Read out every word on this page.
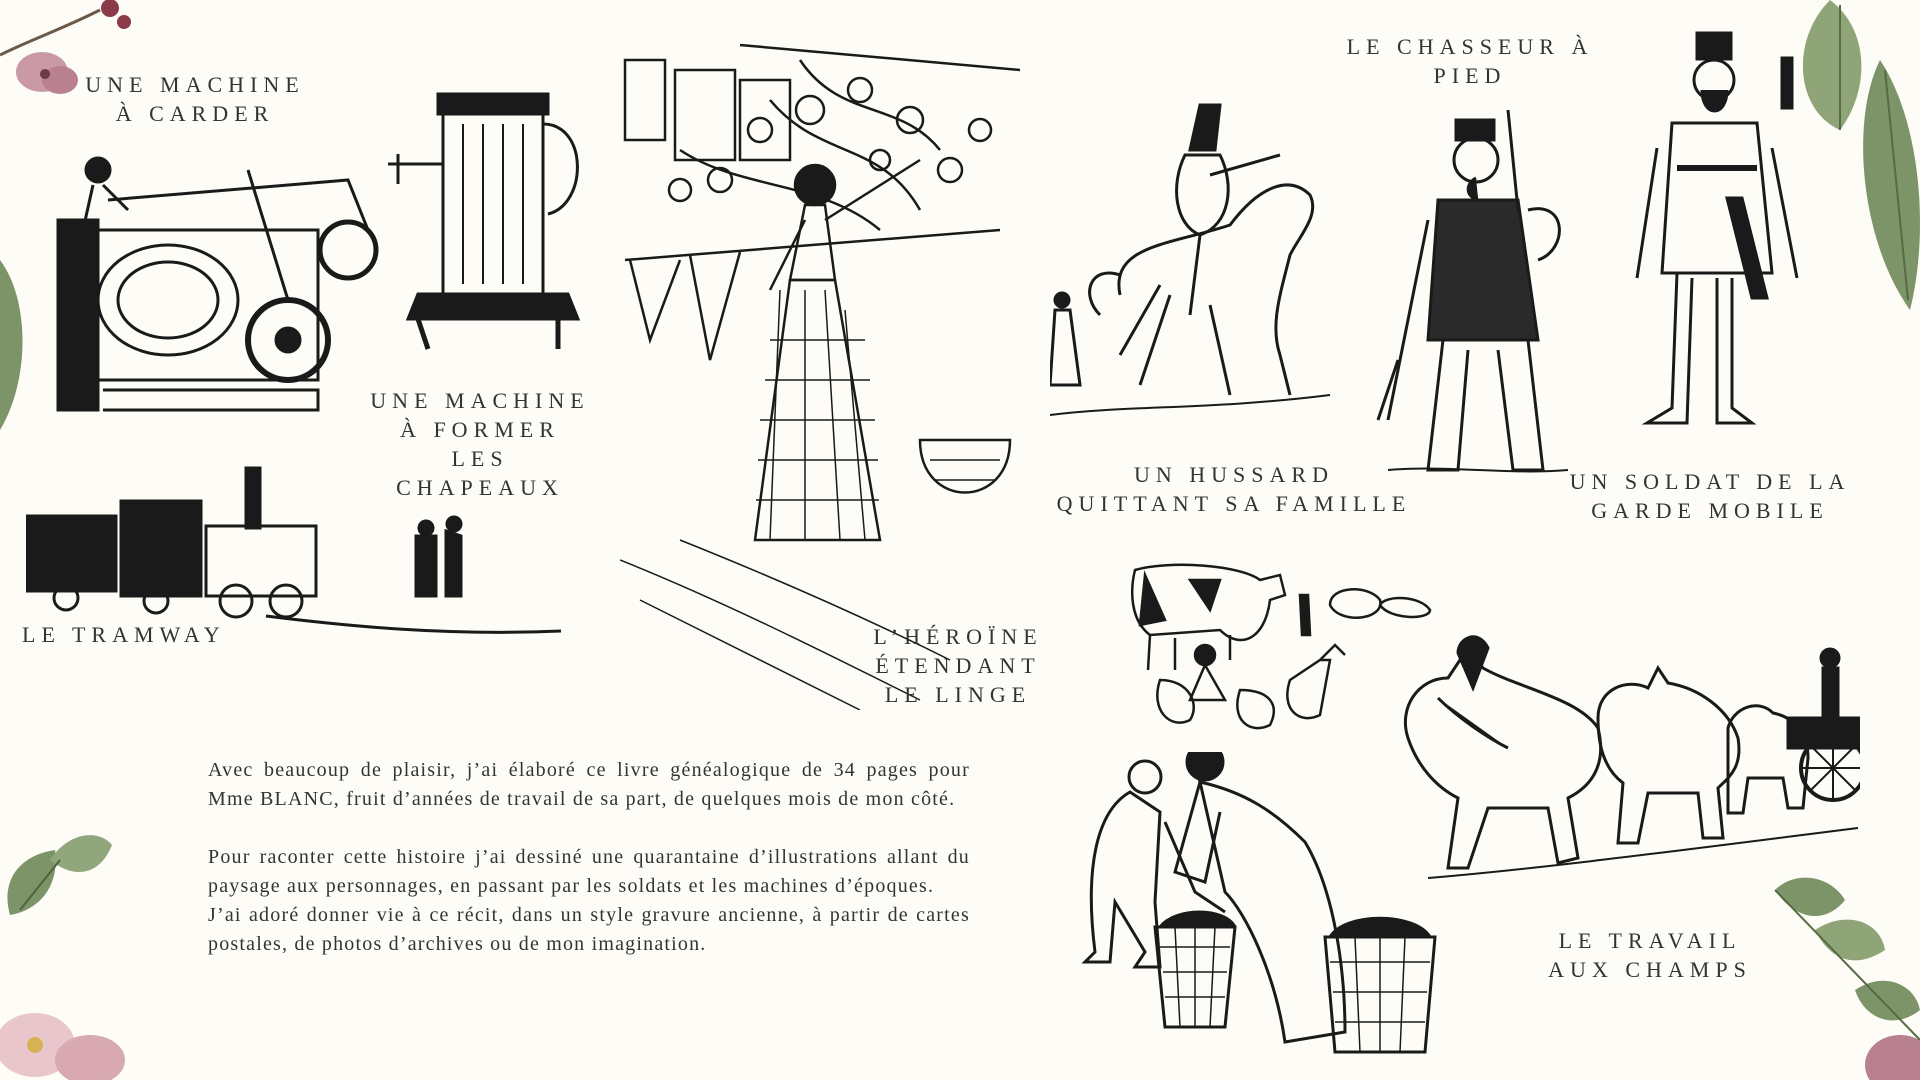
UNE MACHINE
À CARDER
UNE MACHINE
À FORMER
LES
CHAPEAUX
LE TRAMWAY	L’HÉROÏNE
ÉTENDANT
LE LINGE
LE CHASSEUR À PIED
UN HUSSARD
QUITTANT SA FAMILLE
UN SOLDAT DE LA
GARDE MOBILE
LE TRAVAIL
AUX CHAMPS

Avec beaucoup de plaisir, j’ai élaboré ce livre généalogique de 34 pages pour Mme BLANC, fruit d’années de travail de sa part, de quelques mois de mon côté.

Pour raconter cette histoire j’ai dessiné une quarantaine d’illustrations allant du paysage aux personnages, en passant par les soldats et les machines d’époques.

J’ai adoré donner vie à ce récit, dans un style gravure ancienne, à partir de cartes postales, de photos d’archives ou de mon imagination.
